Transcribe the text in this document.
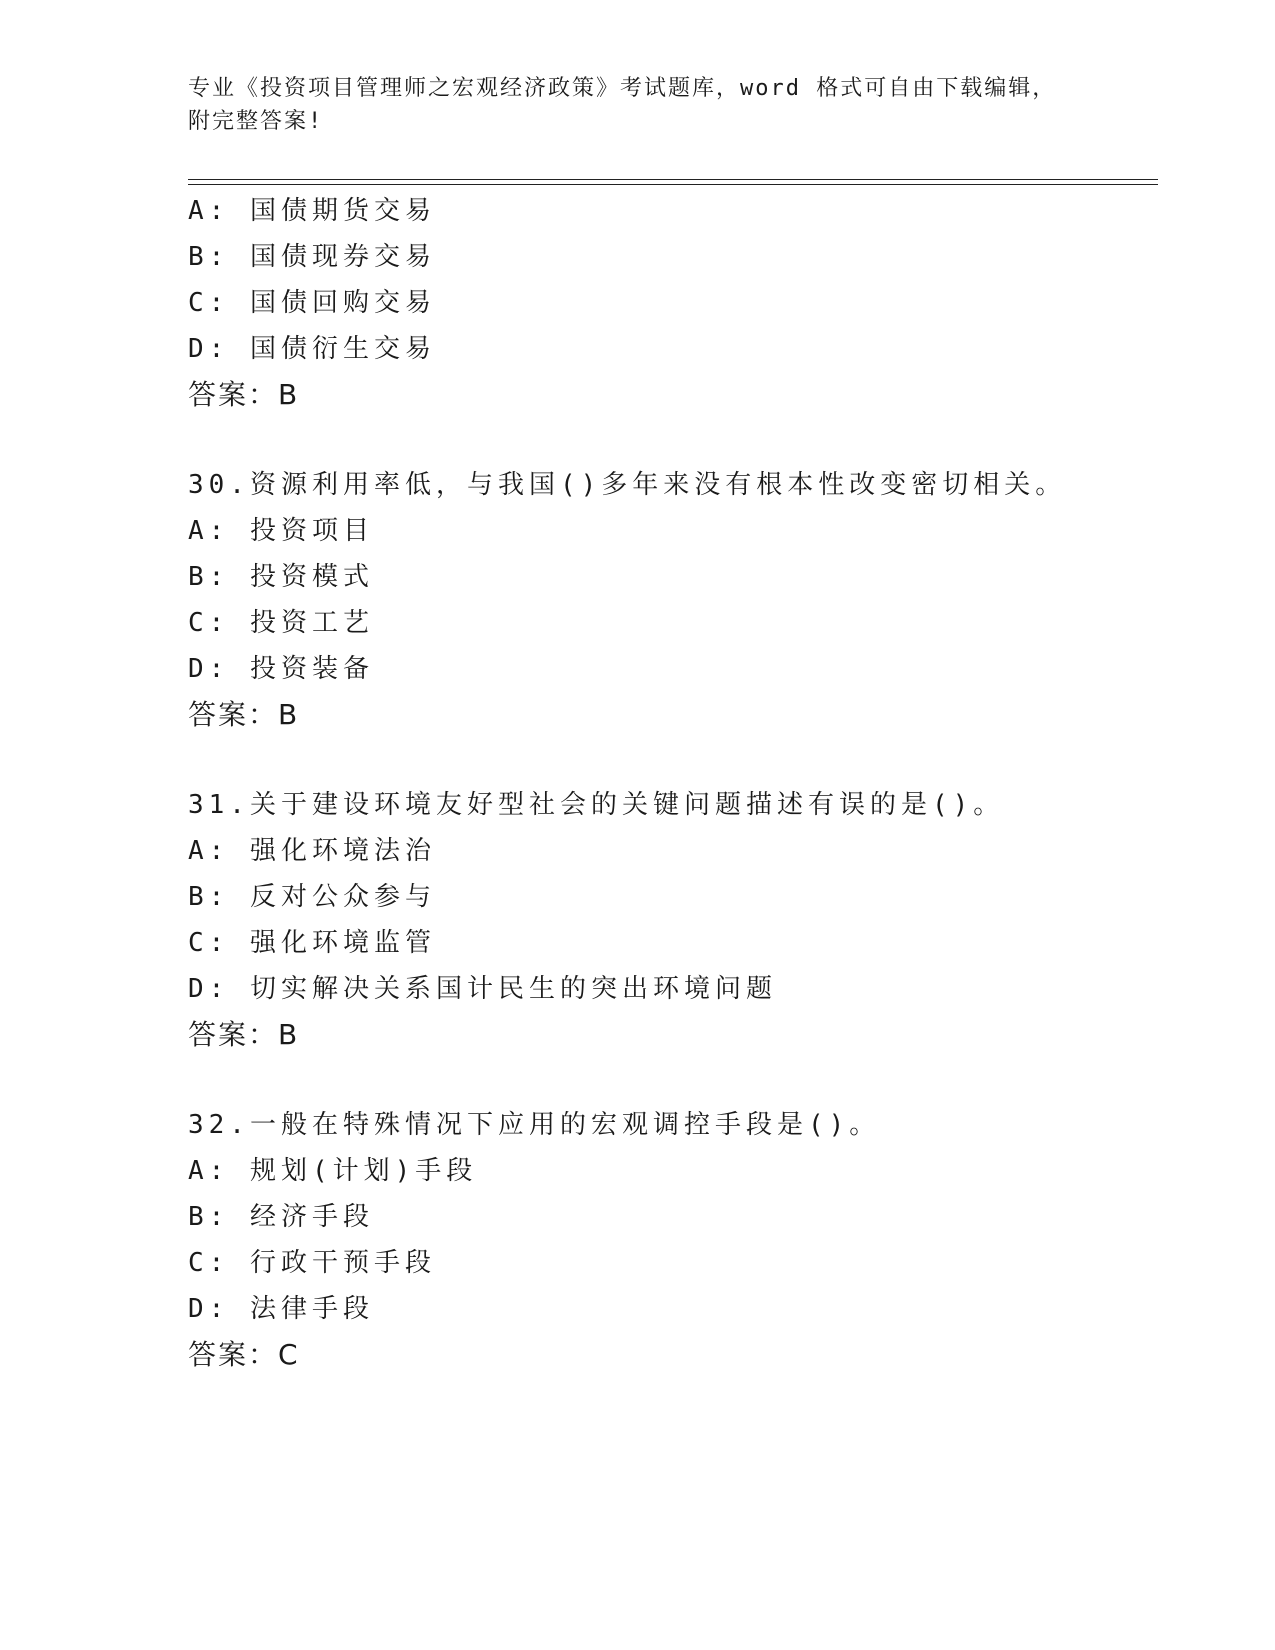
专业《投资项目管理师之宏观经济政策》考试题库，word 格式可自由下载编辑，
附完整答案!
A: 国债期货交易
B: 国债现券交易
C: 国债回购交易
D: 国债衍生交易
答案：B
30.资源利用率低，与我国()多年来没有根本性改变密切相关。
A: 投资项目
B: 投资模式
C: 投资工艺
D: 投资装备
答案：B
31.关于建设环境友好型社会的关键问题描述有误的是()。
A: 强化环境法治
B: 反对公众参与
C: 强化环境监管
D: 切实解决关系国计民生的突出环境问题
答案：B
32.一般在特殊情况下应用的宏观调控手段是()。
A: 规划(计划)手段
B: 经济手段
C: 行政干预手段
D: 法律手段
答案：C
